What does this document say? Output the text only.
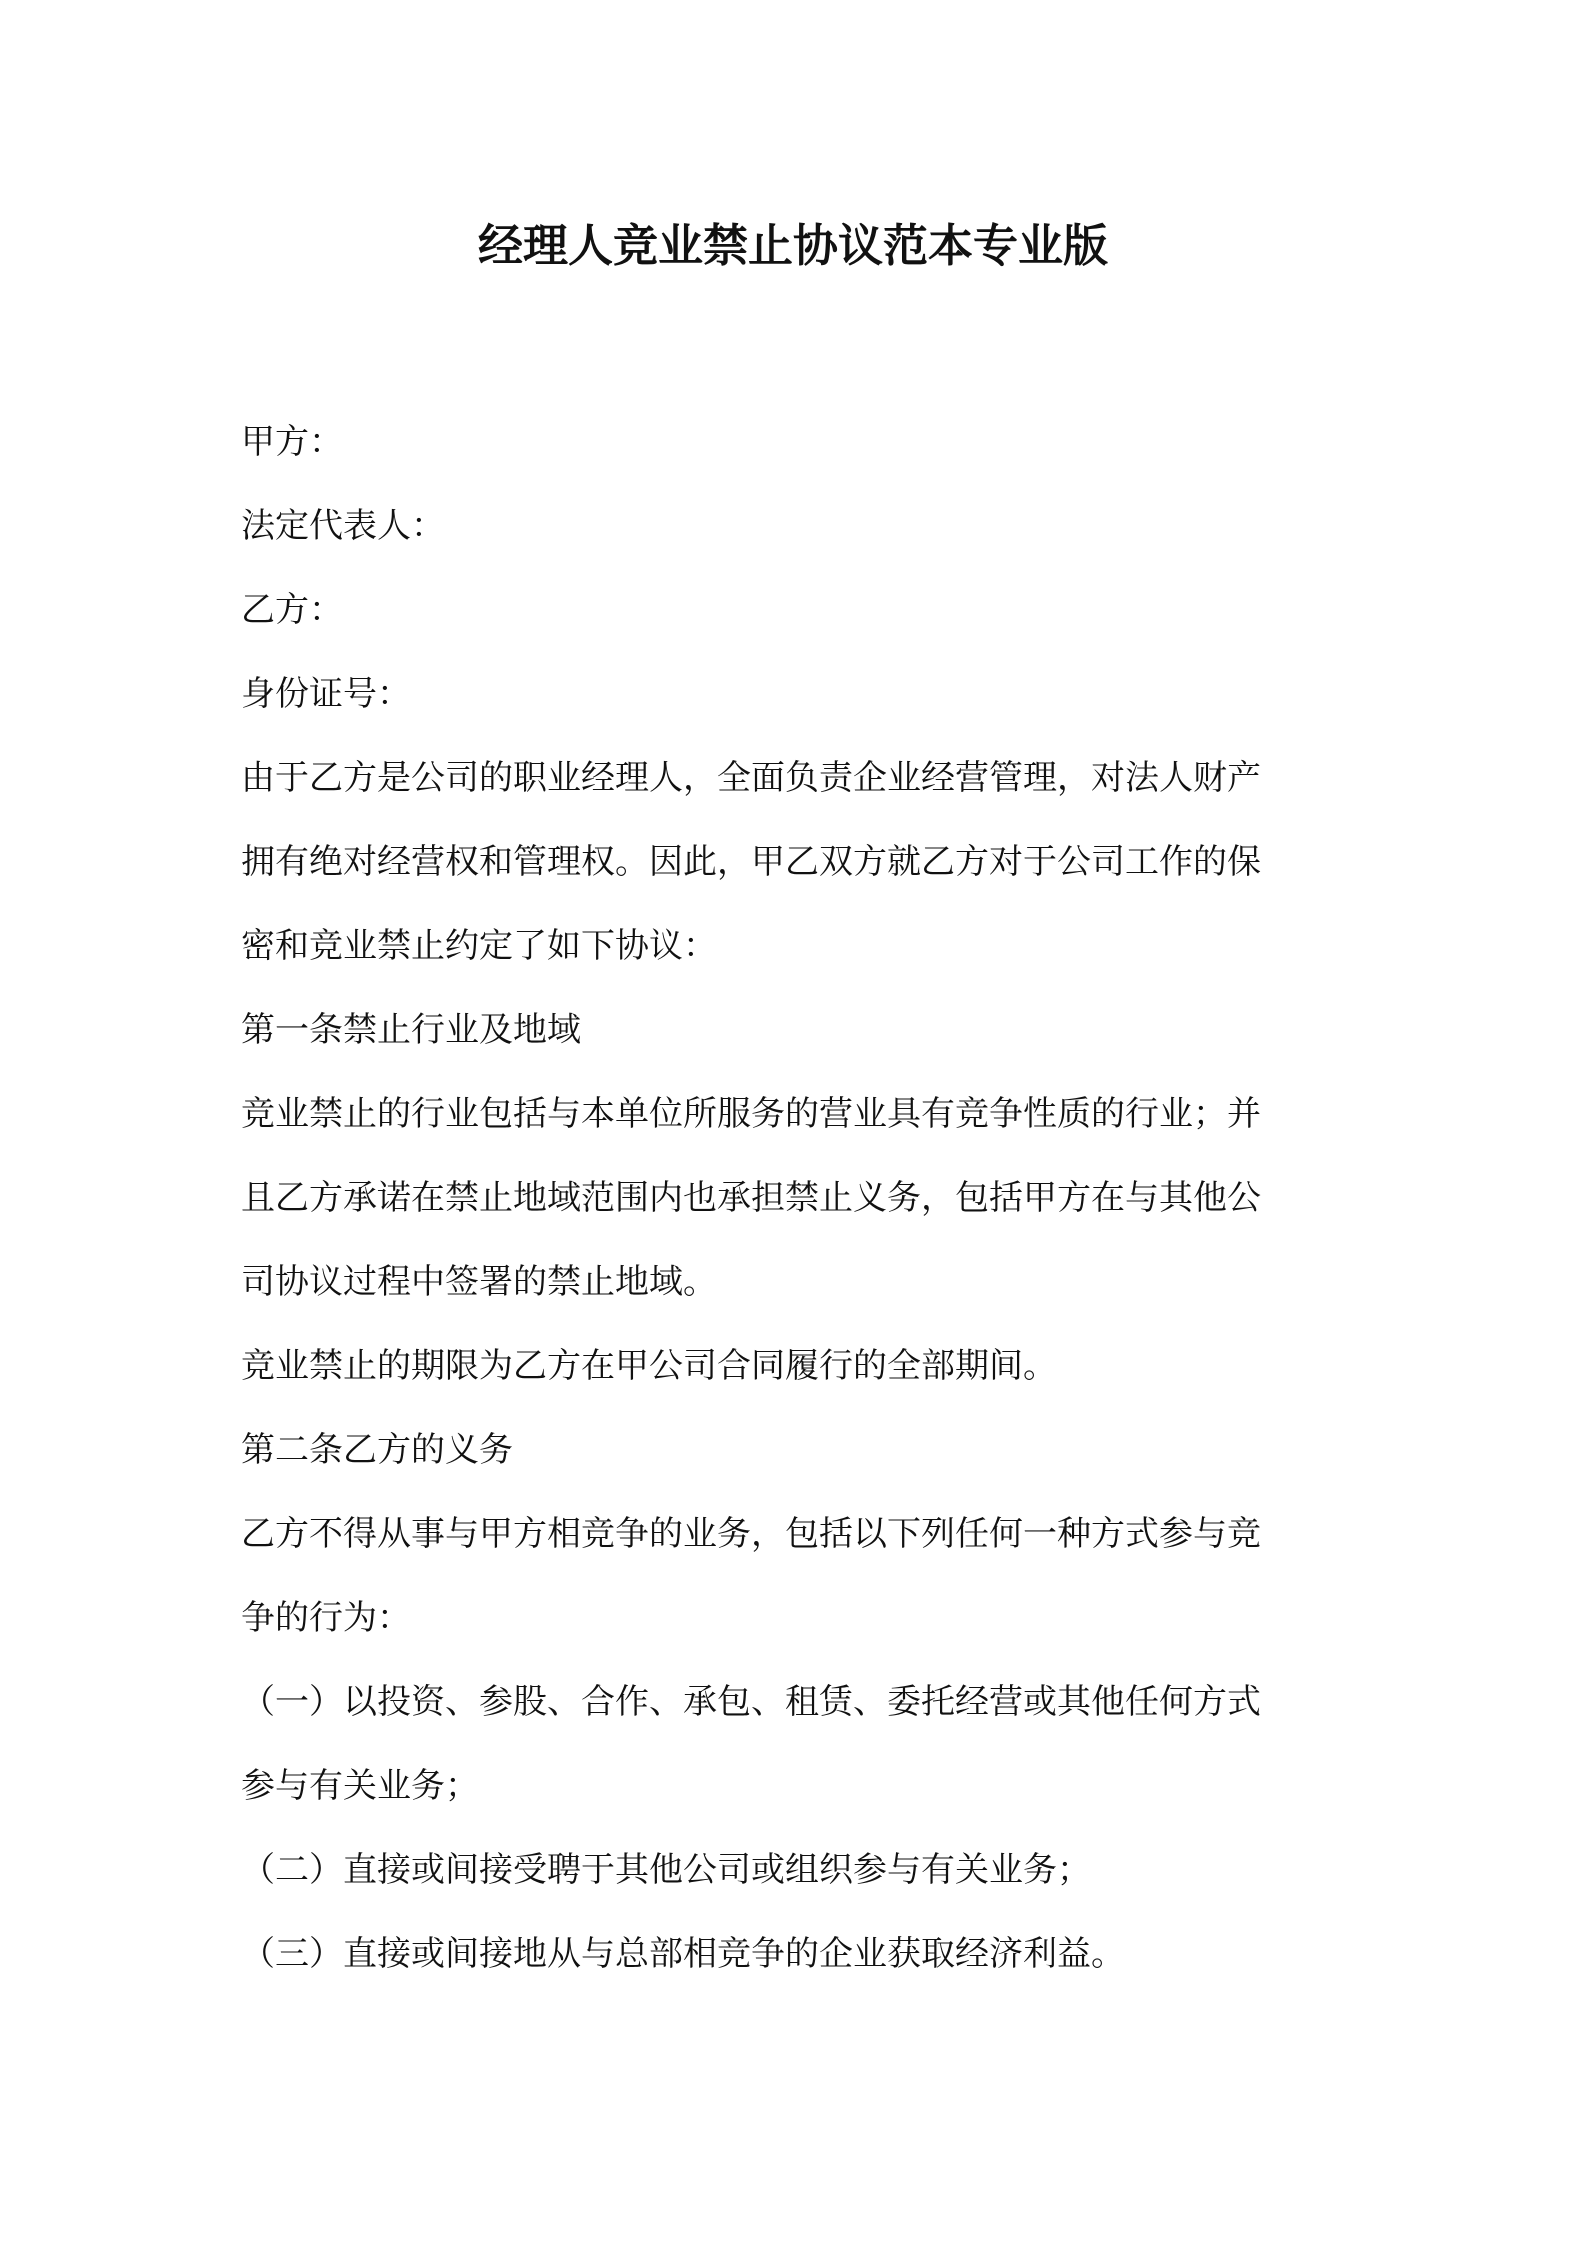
经理人竞业禁止协议范本专业版

甲方：

法定代表人：

乙方：

身份证号：

由于乙方是公司的职业经理人，全面负责企业经营管理，对法人财产

拥有绝对经营权和管理权。因此，甲乙双方就乙方对于公司工作的保

密和竞业禁止约定了如下协议：

第一条禁止行业及地域

竞业禁止的行业包括与本单位所服务的营业具有竞争性质的行业；并

且乙方承诺在禁止地域范围内也承担禁止义务，包括甲方在与其他公

司协议过程中签署的禁止地域。

竞业禁止的期限为乙方在甲公司合同履行的全部期间。

第二条乙方的义务

乙方不得从事与甲方相竞争的业务，包括以下列任何一种方式参与竞

争的行为：

（一）以投资、参股、合作、承包、租赁、委托经营或其他任何方式

参与有关业务；

（二）直接或间接受聘于其他公司或组织参与有关业务；

（三）直接或间接地从与总部相竞争的企业获取经济利益。
